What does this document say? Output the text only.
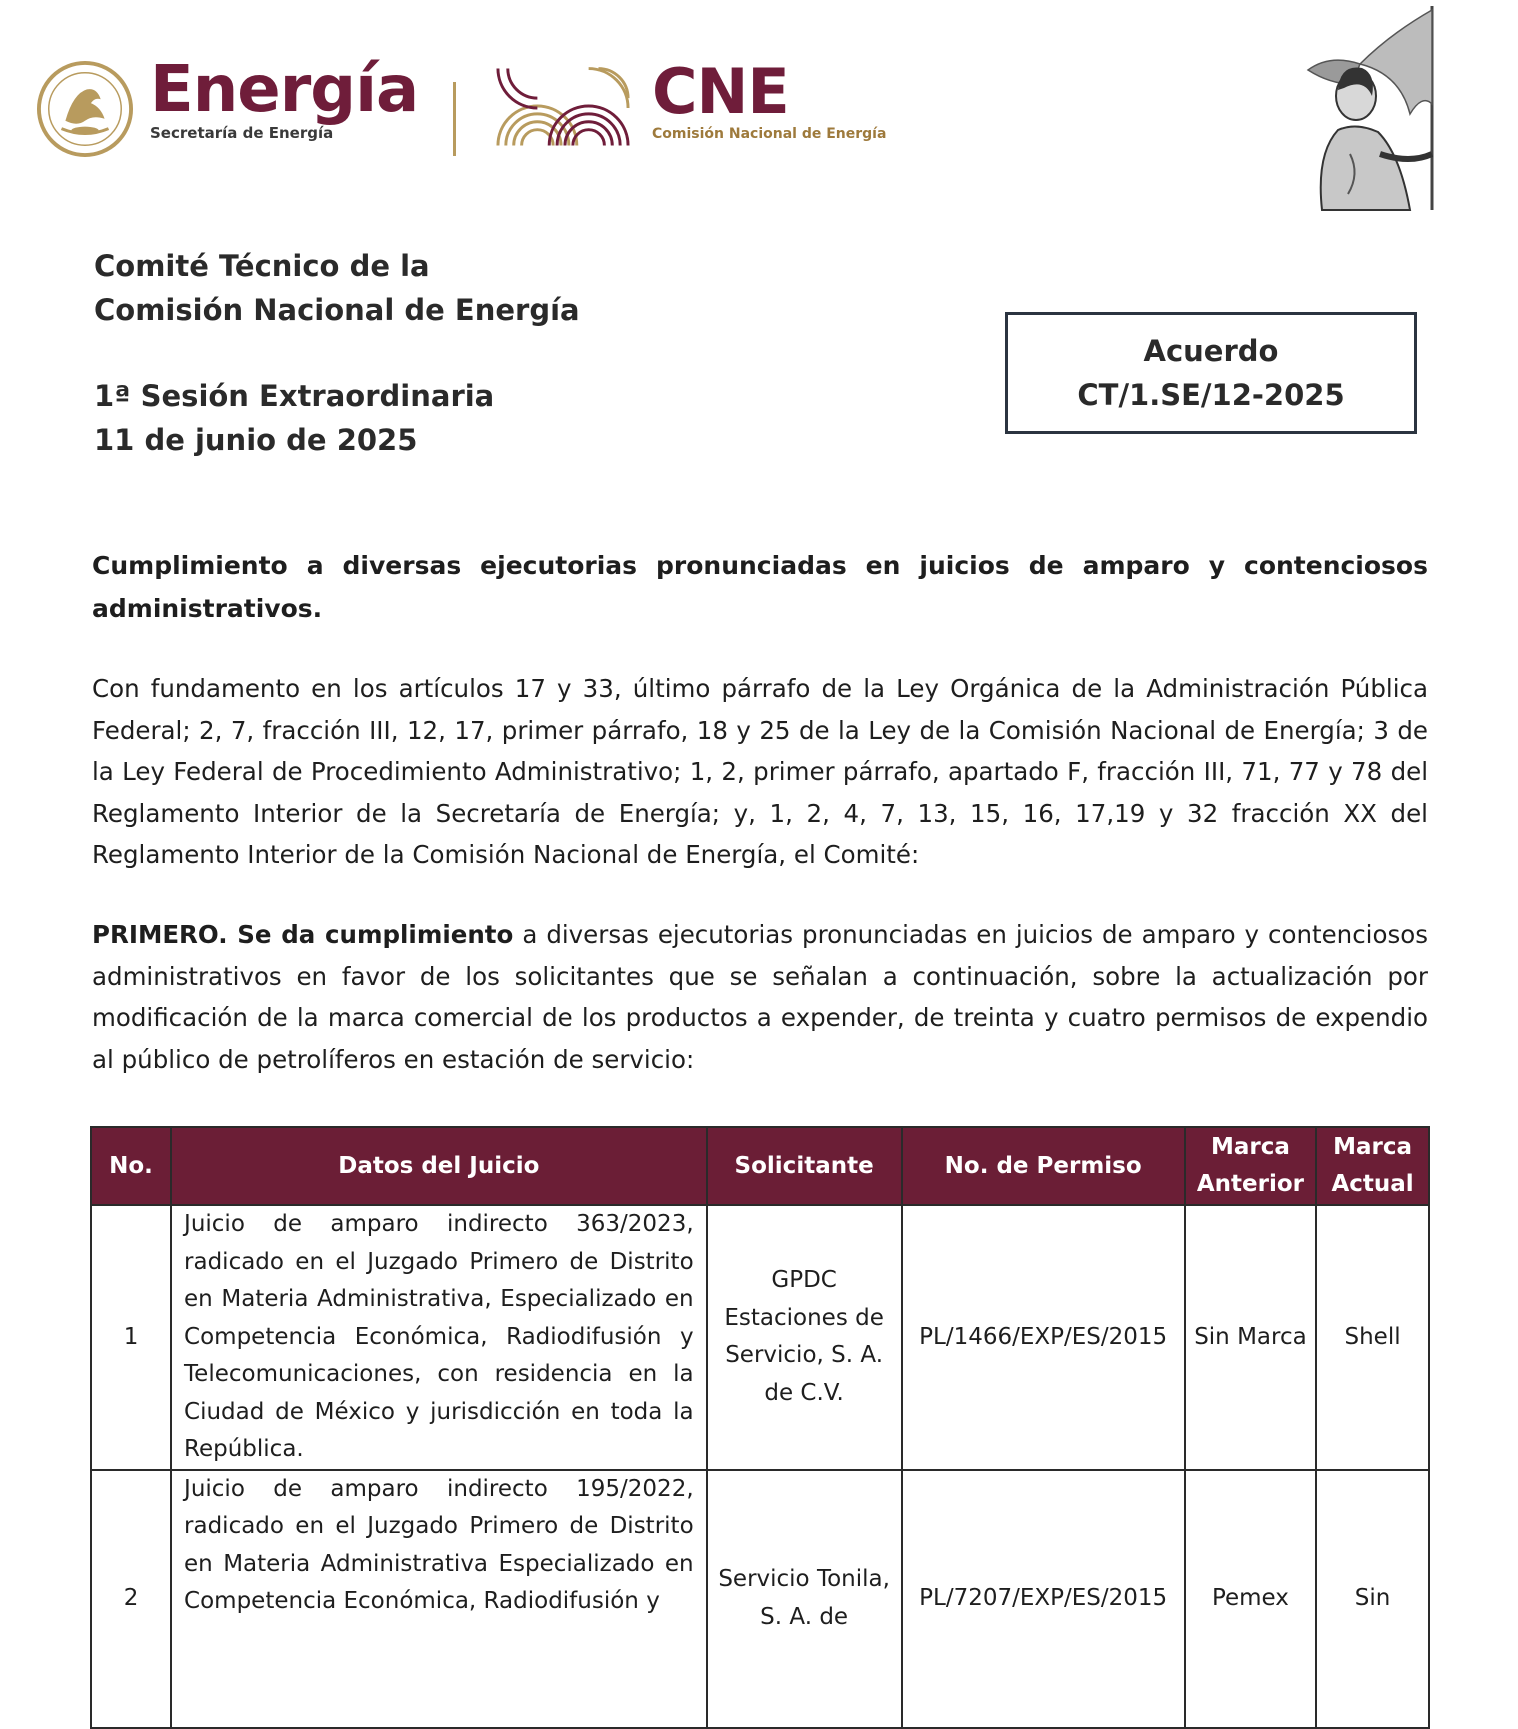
Energía
Secretaría de Energía
CNE
Comisión Nacional de Energía
Comité Técnico de la
Comisión Nacional de Energía
1ª Sesión Extraordinaria
11 de junio de 2025
Acuerdo
CT/1.SE/12-2025
Cumplimiento a diversas ejecutorias pronunciadas en juicios de amparo y contenciosos administrativos.
Con fundamento en los artículos 17 y 33, último párrafo de la Ley Orgánica de la Administración Pública Federal; 2, 7, fracción III, 12, 17, primer párrafo, 18 y 25 de la Ley de la Comisión Nacional de Energía; 3 de la Ley Federal de Procedimiento Administrativo; 1, 2, primer párrafo, apartado F, fracción III, 71, 77 y 78 del Reglamento Interior de la Secretaría de Energía; y, 1, 2, 4, 7, 13, 15, 16, 17,19 y 32 fracción XX del Reglamento Interior de la Comisión Nacional de Energía, el Comité:
PRIMERO. Se da cumplimiento a diversas ejecutorias pronunciadas en juicios de amparo y contenciosos administrativos en favor de los solicitantes que se señalan a continuación, sobre la actualización por modificación de la marca comercial de los productos a expender, de treinta y cuatro permisos de expendio al público de petrolíferos en estación de servicio:
No.	Datos del Juicio	Solicitante	No. de Permiso	Marca Anterior	Marca Actual
1	Juicio de amparo indirecto 363/2023, radicado en el Juzgado Primero de Distrito en Materia Administrativa, Especializado en Competencia Económica, Radiodifusión y Telecomunicaciones, con residencia en la Ciudad de México y jurisdicción en toda la República.	GPDC Estaciones de Servicio, S. A. de C.V.	PL/1466/EXP/ES/2015	Sin Marca	Shell
2	Juicio de amparo indirecto 195/2022, radicado en el Juzgado Primero de Distrito en Materia Administrativa Especializado en Competencia Económica, Radiodifusión y	Servicio Tonila, S. A. de	PL/7207/EXP/ES/2015	Pemex	Sin
